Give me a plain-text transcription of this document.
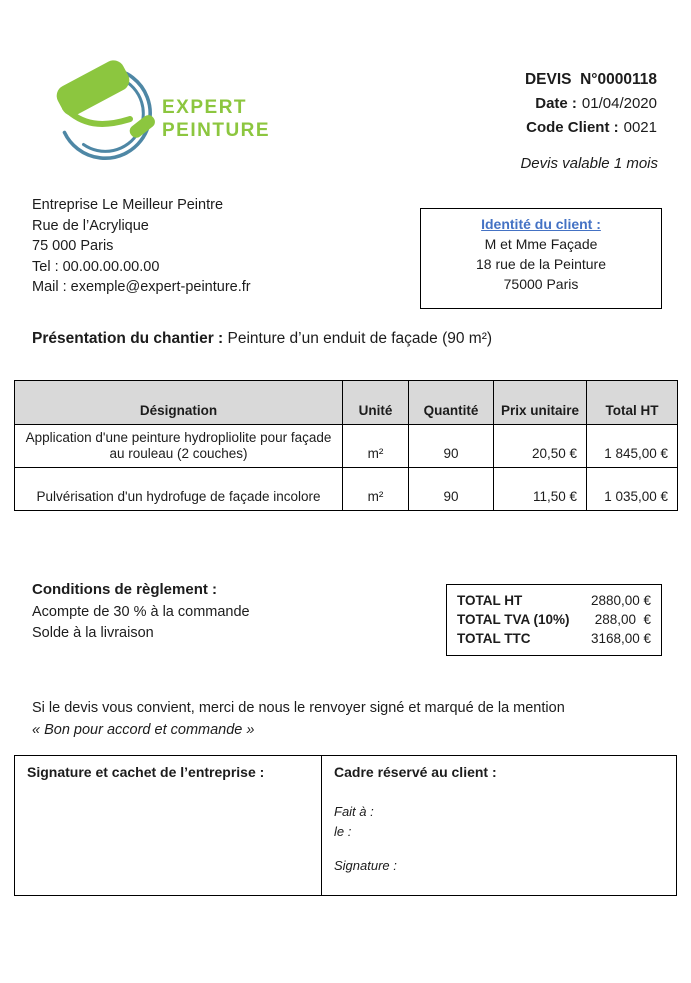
EXPERT
PEINTURE
DEVIS  N°0000118
Date : 01/04/2020
Code Client : 0021
Devis valable 1 mois
Entreprise Le Meilleur Peintre
Rue de l’Acrylique
75 000 Paris
Tel : 00.00.00.00.00
Mail : exemple@expert-peinture.fr
Identité du client :
M et Mme Façade
18 rue de la Peinture
75000 Paris
Présentation du chantier : Peinture d’un enduit de façade (90 m²)
Désignation	Unité	Quantité	Prix unitaire	Total HT
Application d'une peinture hydropliolite pour façade au rouleau (2 couches)	m²	90	20,50 €	1 845,00 €
Pulvérisation d'un hydrofuge de façade incolore	m²	90	11,50 €	1 035,00 €
Conditions de règlement :
Acompte de 30 % à la commande
Solde à la livraison
TOTAL HT	2880,00 €
TOTAL TVA (10%) 288,00  €
TOTAL TTC	3168,00 €
Si le devis vous convient, merci de nous le renvoyer signé et marqué de la mention
« Bon pour accord et commande »
Signature et cachet de l’entreprise :	Cadre réservé au client :
Fait à :
le :
Signature :
